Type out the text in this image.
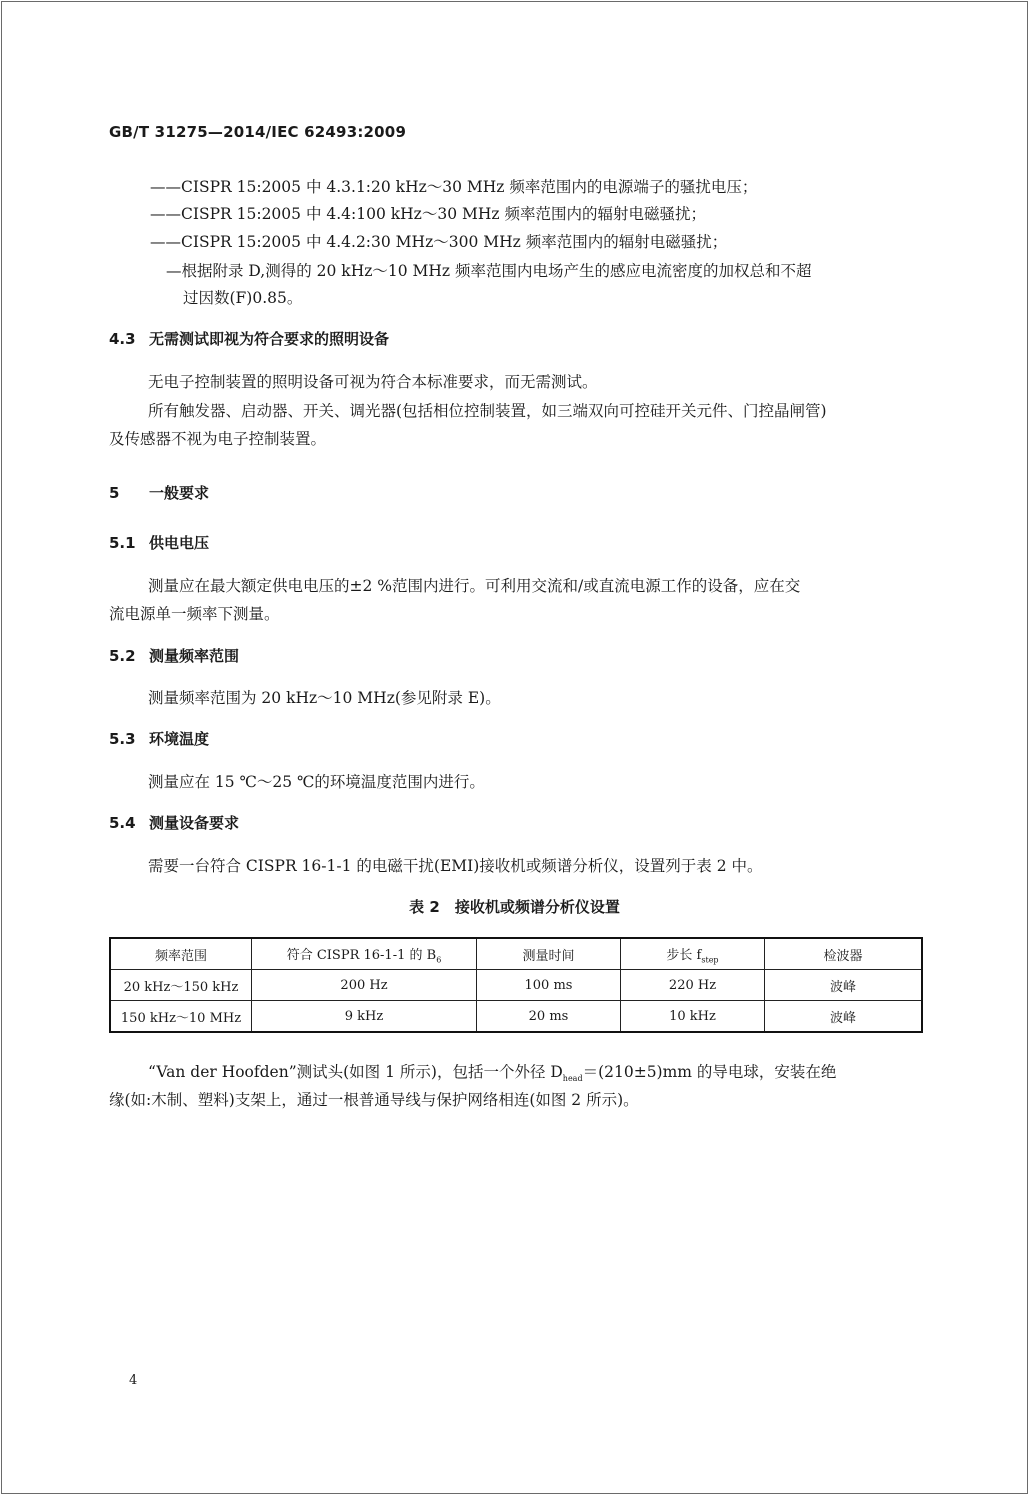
GB/T 31275—2014/IEC 62493:2009
——CISPR 15:2005 中 4.3.1:20 kHz～30 MHz 频率范围内的电源端子的骚扰电压；
——CISPR 15:2005 中 4.4:100 kHz～30 MHz 频率范围内的辐射电磁骚扰；
——CISPR 15:2005 中 4.4.2:30 MHz～300 MHz 频率范围内的辐射电磁骚扰；
—根据附录 D,测得的 20 kHz～10 MHz 频率范围内电场产生的感应电流密度的加权总和不超
过因数(F)0.85。
4.3 无需测试即视为符合要求的照明设备
无电子控制装置的照明设备可视为符合本标准要求，而无需测试。
所有触发器、启动器、开关、调光器(包括相位控制装置，如三端双向可控硅开关元件、门控晶闸管)
及传感器不视为电子控制装置。
5 一般要求
5.1 供电电压
测量应在最大额定供电电压的±2 %范围内进行。可利用交流和/或直流电源工作的设备，应在交
流电源单一频率下测量。
5.2 测量频率范围
测量频率范围为 20 kHz～10 MHz(参见附录 E)。
5.3 环境温度
测量应在 15 ℃～25 ℃的环境温度范围内进行。
5.4 测量设备要求
需要一台符合 CISPR 16-1-1 的电磁干扰(EMI)接收机或频谱分析仪，设置列于表 2 中。
表 2　接收机或频谱分析仪设置
频率范围	符合 CISPR 16-1-1 的 $B_6$	测量时间	步长 $f_{step}$	检波器
20 kHz～150 kHz	200 Hz	100 ms	220 Hz	波峰
150 kHz～10 MHz	9 kHz	20 ms	10 kHz	波峰
“Van der Hoofden”测试头(如图 1 所示)，包括一个外径 $D_{head}=(210\pm 5)mm$ 的导电球，安装在绝
缘(如:木制、塑料)支架上，通过一根普通导线与保护网络相连(如图 2 所示)。
4
